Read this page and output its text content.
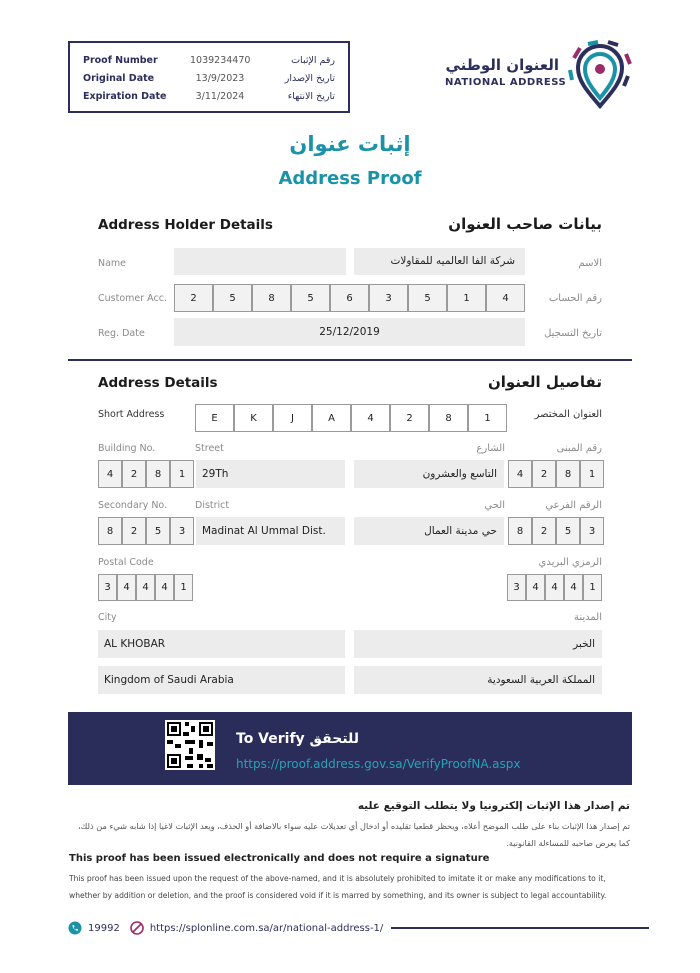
Proof Number	1039234470	رقم الإثبات
Original Date	13/9/2023	تاريخ الإصدار
Expiration Date	3/11/2024	تاريخ الانتهاء
العنوان الوطني
NATIONAL ADDRESS
إثبات عنوان
Address Proof
Address Holder Details	بيانات صاحب العنوان
Name	الاسم
شركة الفا العالميه للمقاولات
Customer Acc.	رقم الحساب
2	5	8	5	6	3	5	1	4
Reg. Date	تاريخ التسجيل
25/12/2019
Address Details	تفاصيل العنوان
Short Address	العنوان المختصر
E	K	J	A	4	2	8	1
Building No.	Street	الشارع	رقم المبنى
4	2	8	1	29Th	التاسع والعشرون	4	2	8	1
Secondary No.	District	الحي	الرقم الفرعي
8	2	5	3	Madinat Al Ummal Dist.	حي مدينة العمال	8	2	5	3
Postal Code	الرمزي البريدي
3	4	4	4	1	3	4	4	4	1
City	المدينة
AL KHOBAR	الخبر
Kingdom of Saudi Arabia	المملكة العربية السعودية
To Verify للتحقق
https://proof.address.gov.sa/VerifyProofNA.aspx
تم إصدار هذا الإثبات إلكترونيا ولا يتطلب التوقيع عليه
تم إصدار هذا الإثبات بناء على طلب الموضح أعلاه، ويحظر قطعيا تقليده أو ادخال أي تعديلات عليه سواء بالاضافة أو الحذف، ويعد الإثبات لاغيا إذا شابه شيء من ذلك، كما يعرض صاحبه للمساءلة القانونية.
This proof has been issued electronically and does not require a signature
This proof has been issued upon the request of the above-named, and it is absolutely prohibited to imitate it or make any modifications to it, whether by addition or deletion, and the proof is considered void if it is marred by something, and its owner is subject to legal accountability.
19992	https://splonline.com.sa/ar/national-address-1/
